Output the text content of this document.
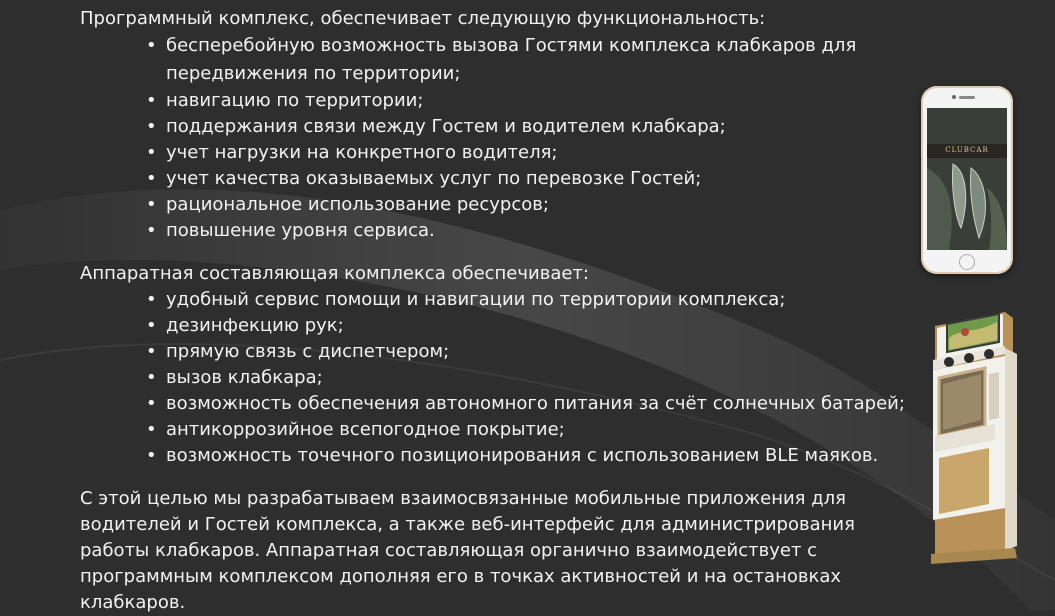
Программный комплекс, обеспечивает следующую функциональность:

• бесперебойную возможность вызова Гостями комплекса клабкаров для передвижения по территории;
• навигацию по территории;
• поддержания связи между Гостем и водителем клабкара;
• учет нагрузки на конкретного водителя;
• учет качества оказываемых услуг по перевозке Гостей;
• рациональное использование ресурсов;
• повышение уровня сервиса.

Аппаратная составляющая комплекса обеспечивает:

• удобный сервис помощи и навигации по территории комплекса;
• дезинфекцию рук;
• прямую связь с диспетчером;
• вызов клабкара;
• возможность обеспечения автономного питания за счёт солнечных батарей;
• антикоррозийное всепогодное покрытие;
• возможность точечного позиционирования с использованием BLE маяков.

С этой целью мы разрабатываем взаимосвязанные мобильные приложения для водителей и Гостей комплекса, а также веб-интерфейс для администрирования работы клабкаров. Аппаратная составляющая органично взаимодействует с программным комплексом дополняя его в точках активностей и на остановках клабкаров.

CLUBCAR
